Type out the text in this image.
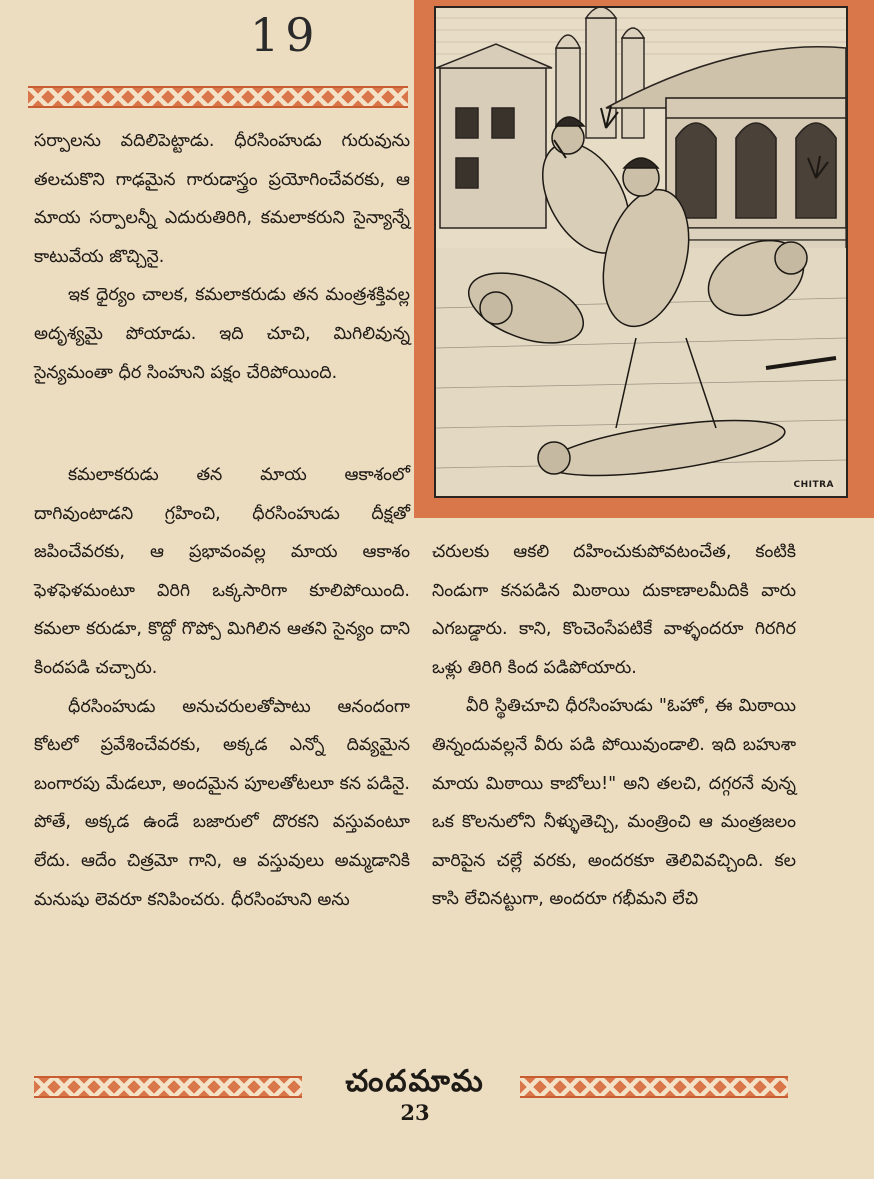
19
CHITRA

సర్పాలను వదిలిపెట్టాడు. ధీరసింహుడు గురువును తలచుకొని గాఢమైన గారుడాస్త్రం ప్రయోగించేవరకు, ఆ మాయ సర్పాలన్నీ ఎదురుతిరిగి, కమలాకరుని సైన్యాన్నే కాటువేయ జొచ్చినై.

ఇక ధైర్యం చాలక, కమలాకరుడు తన మంత్రశక్తివల్ల అదృశ్యమై పోయాడు. ఇది చూచి, మిగిలివున్న సైన్యమంతా ధీర సింహుని పక్షం చేరిపోయింది.

కమలాకరుడు తన మాయ ఆకాశంలో దాగివుంటాడని గ్రహించి, ధీరసింహుడు దీక్షతో జపించేవరకు, ఆ ప్రభావంవల్ల మాయ ఆకాశం ఫెళఫెళమంటూ విరిగి ఒక్కసారిగా కూలిపోయింది. కమలా కరుడూ, కొద్దో గొప్పో మిగిలిన ఆతని సైన్యం దాని కిందపడి చచ్చారు.

ధీరసింహుడు అనుచరులతోపాటు ఆనందంగా కోటలో ప్రవేశించేవరకు, అక్కడ ఎన్నో దివ్యమైన బంగారపు మేడలూ, అందమైన పూలతోటలూ కన పడినై. పోతే, అక్కడ ఉండే బజారులో దొరకని వస్తువంటూ లేదు. ఆదేం చిత్రమో గాని, ఆ వస్తువులు అమ్మడానికి మనుషు లెవరూ కనిపించరు. ధీరసింహుని అను

చరులకు ఆకలి దహించుకుపోవటంచేత, కంటికి నిండుగా కనపడిన మిఠాయి దుకాణాలమీదికి వారు ఎగబడ్డారు. కాని, కొంచెంసేపటికే వాళ్ళందరూ గిరగిర ఒళ్లు తిరిగి కింద పడిపోయారు.

వీరి స్థితిచూచి ధీరసింహుడు "ఓహో, ఈ మిఠాయి తిన్నందువల్లనే వీరు పడి పోయివుండాలి. ఇది బహుశా మాయ మిఠాయి కాబోలు!" అని తలచి, దగ్గరనే వున్న ఒక కొలనులోని నీళ్ళుతెచ్చి, మంత్రించి ఆ మంత్రజలం వారిపైన చల్లే వరకు, అందరకూ తెలివివచ్చింది. కల కాసి లేచినట్టుగా, అందరూ గభీమని లేచి

చందమామ
23
